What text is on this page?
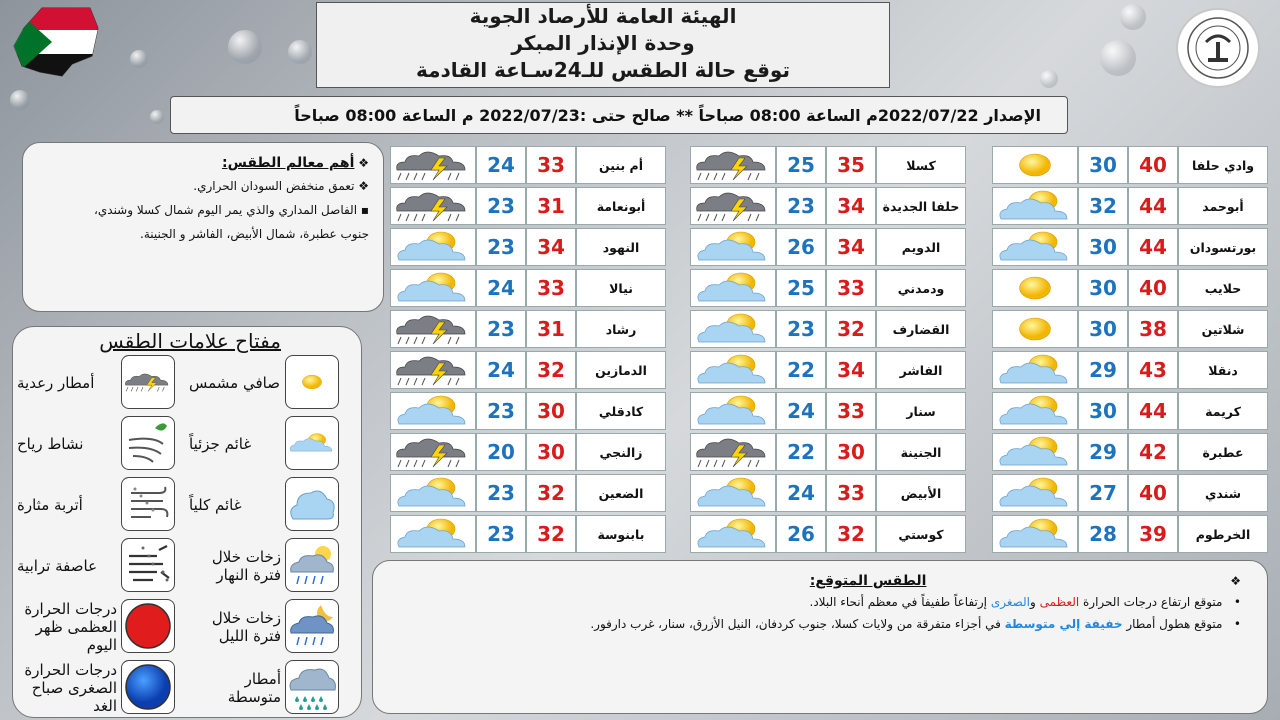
الهيئة العامة للأرصاد الجوية
وحدة الإنذار المبكر
توقع حالة الطقس للـ24سـاعة القادمة
الإصدار 2022/07/22م الساعة 08:00 صباحاً ** صالح حتى :2022/07/23 م الساعة 08:00 صباحاً
❖ أهم معالم الطقس:
❖ تعمق منخفض السودان الحراري.
▪ الفاصل المداري والذي يمر اليوم شمال كسلا وشندي،
جنوب عطبرة، شمال الأبيض، الفاشر و الجنينة.
مفتاح علامات الطقس
صافي مشمس
أمطار رعدية
غائم جزئياً
نشاط رياح
غائم كلياً
أتربة مثارة
زخات خلال فترة النهار
عاصفة ترابية
زخات خلال فترة الليل
درجات الحرارة العظمى ظهر اليوم
أمطار متوسطة
درجات الحرارة الصغرى صباح الغد
30	40	وادي حلفا
32	44	أبوحمد
30	44	بورتسودان
30	40	حلايب
30	38	شلاتين
29	43	دنقلا
30	44	كريمة
29	42	عطبرة
27	40	شندي
28	39	الخرطوم
25	35	كسلا
23	34	حلفا الجديدة
26	34	الدويم
25	33	ودمدني
23	32	القضارف
22	34	الفاشر
24	33	سنار
22	30	الجنينة
24	33	الأبيض
26	32	كوستي
24	33	أم بنين
23	31	أبونعامة
23	34	النهود
24	33	نيالا
23	31	رشاد
24	32	الدمازين
23	30	كادقلي
20	30	زالنجي
23	32	الضعين
23	32	بابنوسة
❖ الطقس المتوقع:
•   متوقع ارتفاع درجات الحرارة العظمى والصغرى إرتفاعاً طفيفاً في معظم أنحاء البلاد.
•   متوقع هطول أمطار خفيفة إلي متوسطة في أجزاء متفرقة من ولايات كسلا، جنوب كردفان، النيل الأزرق، سنار، غرب دارفور.
